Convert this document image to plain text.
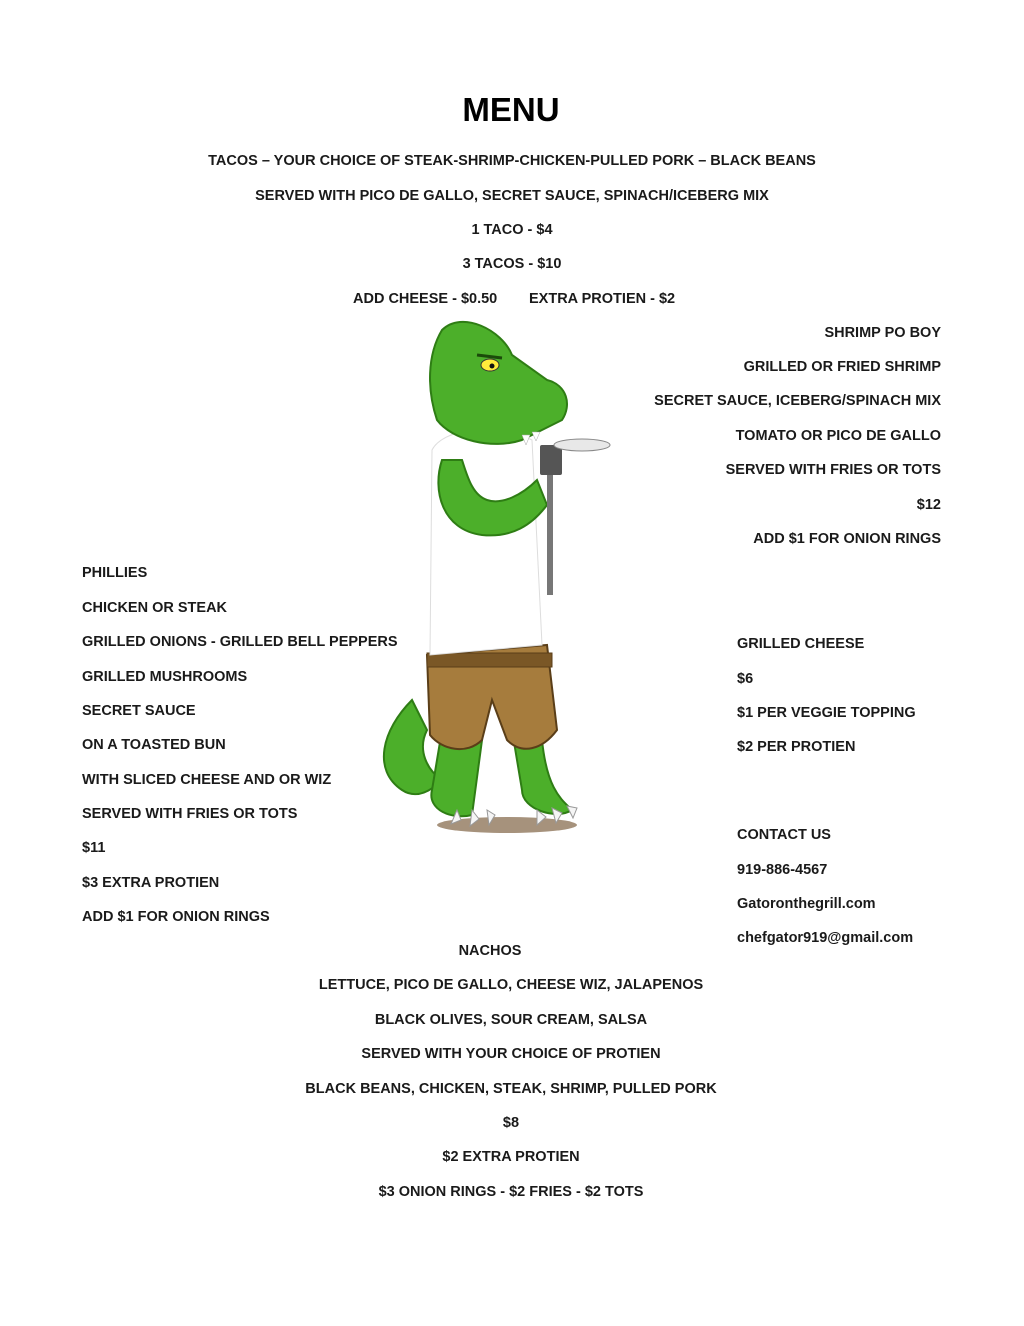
MENU
TACOS – YOUR CHOICE OF STEAK-SHRIMP-CHICKEN-PULLED PORK – BLACK BEANS
SERVED WITH PICO DE GALLO, SECRET SAUCE, SPINACH/ICEBERG MIX
1 TACO - $4
3 TACOS - $10
ADD CHEESE - $0.50 EXTRA PROTIEN - $2
SHRIMP PO BOY
GRILLED OR FRIED SHRIMP
SECRET SAUCE, ICEBERG/SPINACH MIX
TOMATO OR PICO DE GALLO
SERVED WITH FRIES OR TOTS
$12
ADD $1 FOR ONION RINGS
PHILLIES
CHICKEN OR STEAK
GRILLED ONIONS - GRILLED BELL PEPPERS
GRILLED MUSHROOMS
SECRET SAUCE
ON A TOASTED BUN
WITH SLICED CHEESE AND OR WIZ
SERVED WITH FRIES OR TOTS
$11
$3 EXTRA PROTIEN
ADD $1 FOR ONION RINGS
GRILLED CHEESE
$6
$1 PER VEGGIE TOPPING
$2 PER PROTIEN
CONTACT US
919-886-4567
Gatoronthegrill.com
chefgator919@gmail.com
NACHOS
LETTUCE, PICO DE GALLO, CHEESE WIZ, JALAPENOS
BLACK OLIVES, SOUR CREAM, SALSA
SERVED WITH YOUR CHOICE OF PROTIEN
BLACK BEANS, CHICKEN, STEAK, SHRIMP, PULLED PORK
$8
$2 EXTRA PROTIEN
$3 ONION RINGS - $2 FRIES - $2 TOTS
